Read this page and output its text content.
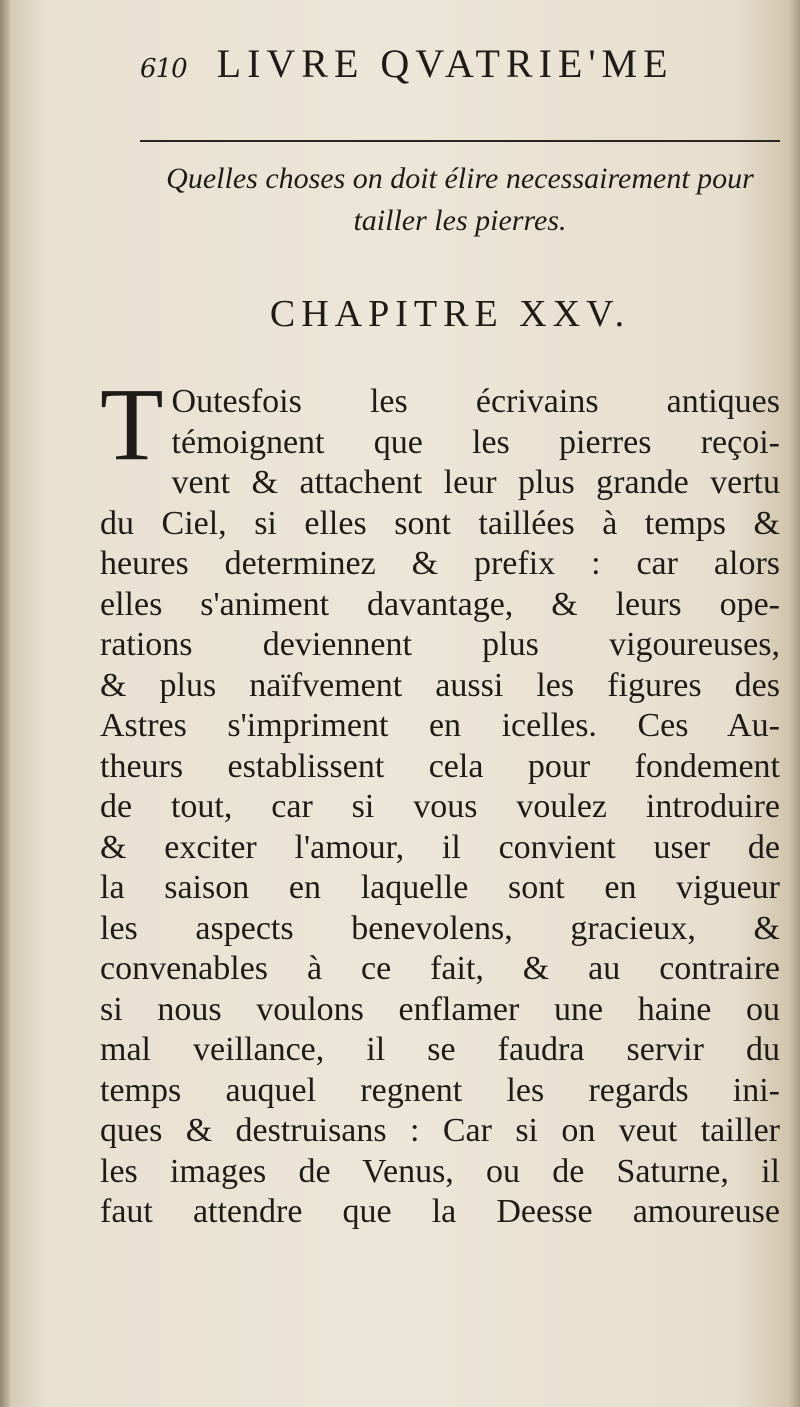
610 LIVRE QVATRIE'ME
Quelles choses on doit élire necessairement pour
tailler les pierres.
CHAPITRE XXV.
T Outesfois les écrivains antiques
témoignent que les pierres reçoi-
vent & attachent leur plus grande vertu
du Ciel, si elles sont taillées à temps &
heures determinez & prefix : car alors
elles s'animent davantage, & leurs ope-
rations deviennent plus vigoureuses,
& plus naïfvement aussi les figures des
Astres s'impriment en icelles. Ces Au-
theurs establissent cela pour fondement
de tout, car si vous voulez introduire
& exciter l'amour, il convient user de
la saison en laquelle sont en vigueur
les aspects benevolens, gracieux, &
convenables à ce fait, & au contraire
si nous voulons enflamer une haine ou
mal veillance, il se faudra servir du
temps auquel regnent les regards ini-
ques & destruisans : Car si on veut tailler
les images de Venus, ou de Saturne, il
faut attendre que la Deesse amoureuse
